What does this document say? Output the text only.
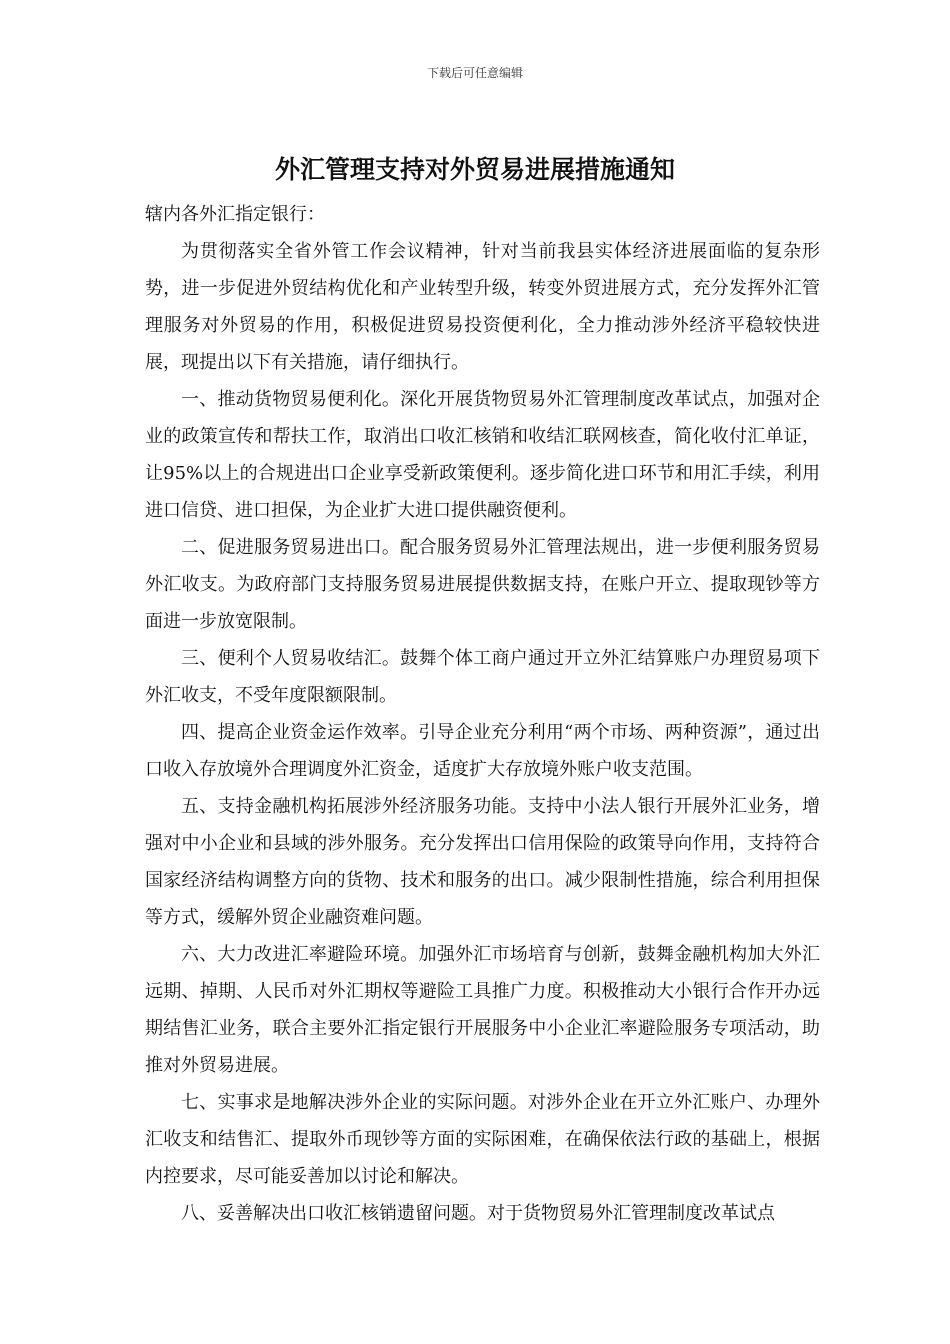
下载后可任意编辑
外汇管理支持对外贸易进展措施通知

辖内各外汇指定银行：

为贯彻落实全省外管工作会议精神，针对当前我县实体经济进展面临的复杂形势，进一步促进外贸结构优化和产业转型升级，转变外贸进展方式，充分发挥外汇管理服务对外贸易的作用，积极促进贸易投资便利化，全力推动涉外经济平稳较快进展，现提出以下有关措施，请仔细执行。

一、推动货物贸易便利化。深化开展货物贸易外汇管理制度改革试点，加强对企业的政策宣传和帮扶工作，取消出口收汇核销和收结汇联网核查，简化收付汇单证，让95%以上的合规进出口企业享受新政策便利。逐步简化进口环节和用汇手续，利用进口信贷、进口担保，为企业扩大进口提供融资便利。

二、促进服务贸易进出口。配合服务贸易外汇管理法规出，进一步便利服务贸易外汇收支。为政府部门支持服务贸易进展提供数据支持，在账户开立、提取现钞等方面进一步放宽限制。

三、便利个人贸易收结汇。鼓舞个体工商户通过开立外汇结算账户办理贸易项下外汇收支，不受年度限额限制。

四、提高企业资金运作效率。引导企业充分利用“两个市场、两种资源”，通过出口收入存放境外合理调度外汇资金，适度扩大存放境外账户收支范围。

五、支持金融机构拓展涉外经济服务功能。支持中小法人银行开展外汇业务，增强对中小企业和县域的涉外服务。充分发挥出口信用保险的政策导向作用，支持符合国家经济结构调整方向的货物、技术和服务的出口。减少限制性措施，综合利用担保等方式，缓解外贸企业融资难问题。

六、大力改进汇率避险环境。加强外汇市场培育与创新，鼓舞金融机构加大外汇远期、掉期、人民币对外汇期权等避险工具推广力度。积极推动大小银行合作开办远期结售汇业务，联合主要外汇指定银行开展服务中小企业汇率避险服务专项活动，助推对外贸易进展。

七、实事求是地解决涉外企业的实际问题。对涉外企业在开立外汇账户、办理外汇收支和结售汇、提取外币现钞等方面的实际困难，在确保依法行政的基础上，根据内控要求，尽可能妥善加以讨论和解决。

八、妥善解决出口收汇核销遗留问题。对于货物贸易外汇管理制度改革试点
